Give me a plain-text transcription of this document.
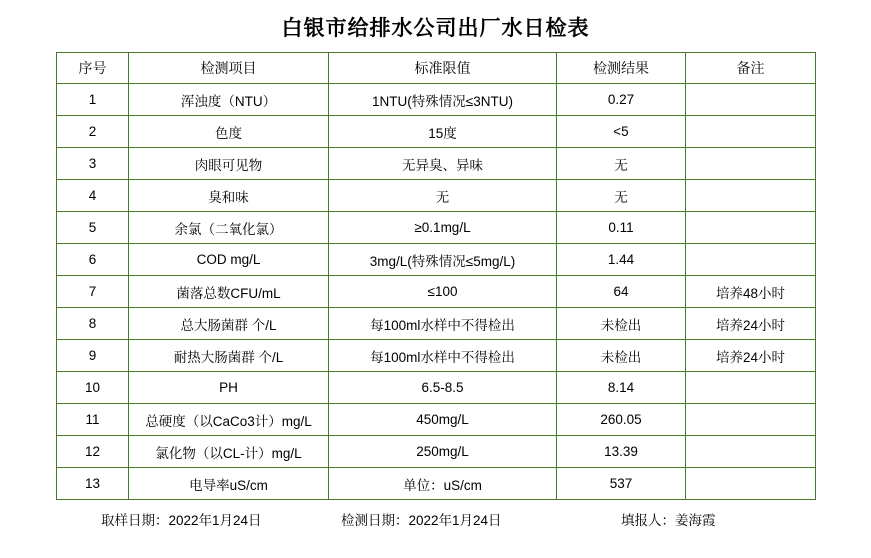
白银市给排水公司出厂水日检表
序号	检测项目	标准限值	检测结果	备注
1	浑浊度（NTU）	1NTU(特殊情况≤3NTU)	0.27	
2	色度	15度	<5	
3	肉眼可见物	无异臭、异味	无	
4	臭和味	无	无	
5	余氯（二氧化氯）	≥0.1mg/L	0.11	
6	COD mg/L	3mg/L(特殊情况≤5mg/L)	1.44	
7	菌落总数CFU/mL	≤100	64	培养48小时
8	总大肠菌群 个/L	每100ml水样中不得检出	未检出	培养24小时
9	耐热大肠菌群 个/L	每100ml水样中不得检出	未检出	培养24小时
10	PH	6.5-8.5	8.14	
11	总硬度（以CaCo3计）mg/L	450mg/L	260.05	
12	氯化物（以CL-计）mg/L	250mg/L	13.39	
13	电导率uS/cm	单位：uS/cm	537	
取样日期：2022年1月24日	检测日期：2022年1月24日	填报人：姜海霞
